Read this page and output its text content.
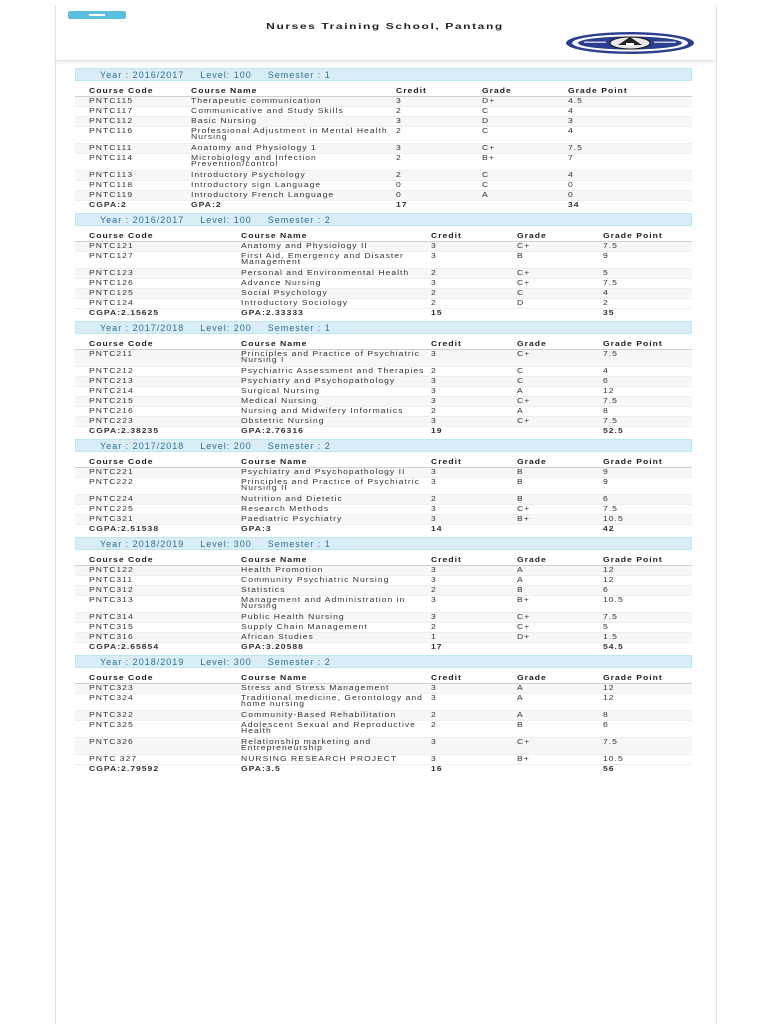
Nurses Training School, Pantang
Year : 2016/2017 Level: 100 Semester : 1
Course Code	Course Name	Credit	Grade	Grade Point
PNTC115	Therapeutic communication	3	D+	4.5
PNTC117	Communicative and Study Skills	2	C	4
PNTC112	Basic Nursing	3	D	3
PNTC116	Professional Adjustment in Mental Health Nursing	2	C	4
PNTC111	Anatomy and Physiology 1	3	C+	7.5
PNTC114	Microbiology and Infection Prevention/control	2	B+	7
PNTC113	Introductory Psychology	2	C	4
PNTC118	Introductory sign Language	0	C	0
PNTC119	Introductory French Language	0	A	0
CGPA:2	GPA:2	17		34
Year : 2016/2017 Level: 100 Semester : 2
Course Code	Course Name	Credit	Grade	Grade Point
PNTC121	Anatomy and Physiology II	3	C+	7.5
PNTC127	First Aid, Emergency and Disaster Management	3	B	9
PNTC123	Personal and Environmental Health	2	C+	5
PNTC126	Advance Nursing	3	C+	7.5
PNTC125	Social Psychology	2	C	4
PNTC124	Introductory Sociology	2	D	2
CGPA:2.15625	GPA:2.33333	15		35
Year : 2017/2018 Level: 200 Semester : 1
Course Code	Course Name	Credit	Grade	Grade Point
PNTC211	Principles and Practice of Psychiatric Nursing I	3	C+	7.5
PNTC212	Psychiatric Assessment and Therapies	2	C	4
PNTC213	Psychiatry and Psychopathology	3	C	6
PNTC214	Surgical Nursing	3	A	12
PNTC215	Medical Nursing	3	C+	7.5
PNTC216	Nursing and Midwifery Informatics	2	A	8
PNTC223	Obstetric Nursing	3	C+	7.5
CGPA:2.38235	GPA:2.76316	19		52.5
Year : 2017/2018 Level: 200 Semester : 2
Course Code	Course Name	Credit	Grade	Grade Point
PNTC221	Psychiatry and Psychopathology II	3	B	9
PNTC222	Principles and Practice of Psychiatric Nursing II	3	B	9
PNTC224	Nutrition and Dietetic	2	B	6
PNTC225	Research Methods	3	C+	7.5
PNTC321	Paediatric Psychiatry	3	B+	10.5
CGPA:2.51538	GPA:3	14		42
Year : 2018/2019 Level: 300 Semester : 1
Course Code	Course Name	Credit	Grade	Grade Point
PNTC122	Health Promotion	3	A	12
PNTC311	Community Psychiatric Nursing	3	A	12
PNTC312	Statistics	2	B	6
PNTC313	Management and Administration in Nursing	3	B+	10.5
PNTC314	Public Health Nursing	3	C+	7.5
PNTC315	Supply Chain Management	2	C+	5
PNTC316	African Studies	1	D+	1.5
CGPA:2.65854	GPA:3.20588	17		54.5
Year : 2018/2019 Level: 300 Semester : 2
Course Code	Course Name	Credit	Grade	Grade Point
PNTC323	Stress and Stress Management	3	A	12
PNTC324	Traditional medicine, Gerontology and home nursing	3	A	12
PNTC322	Community-Based Rehabilitation	2	A	8
PNTC325	Adolescent Sexual and Reproductive Health	2	B	6
PNTC326	Relationship marketing and Entrepreneurship	3	C+	7.5
PNTC 327	NURSING RESEARCH PROJECT	3	B+	10.5
CGPA:2.79592	GPA:3.5	16		56
